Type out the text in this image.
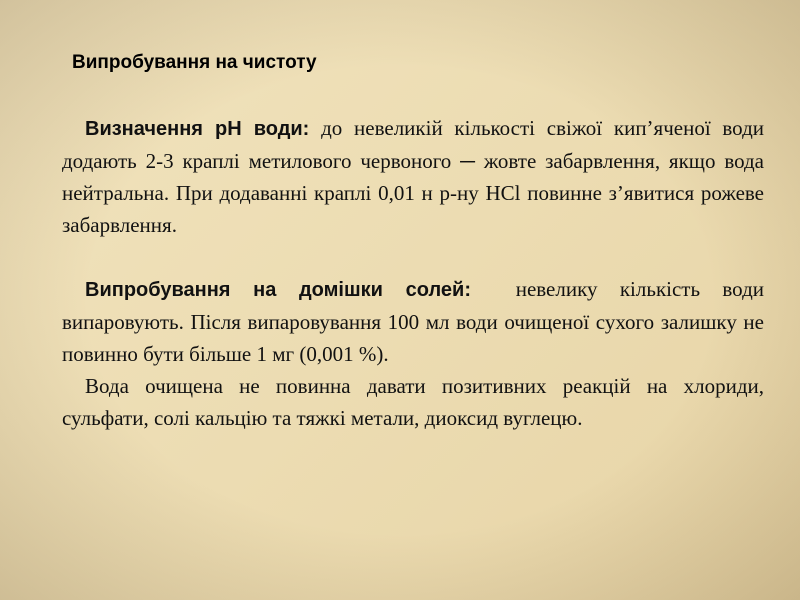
Випробування на чистоту

 Визначення pH води: до невеликій кількості свіжої кип’яченої води додають 2-3 краплі метилового червоного ─ жовте забарвлення, якщо вода нейтральна. При додаванні краплі 0,01 н р-ну HCl повинне з’явитися рожеве забарвлення.

 Випробування на домішки солей: невелику кількість води випаровують. Після випаровування 100 мл води очищеної сухого залишку не повинно бути більше 1 мг (0,001 %).

 Вода очищена не повинна давати позитивних реакцій на хлориди, сульфати, солі кальцію та тяжкі метали, диоксид вуглецю.
